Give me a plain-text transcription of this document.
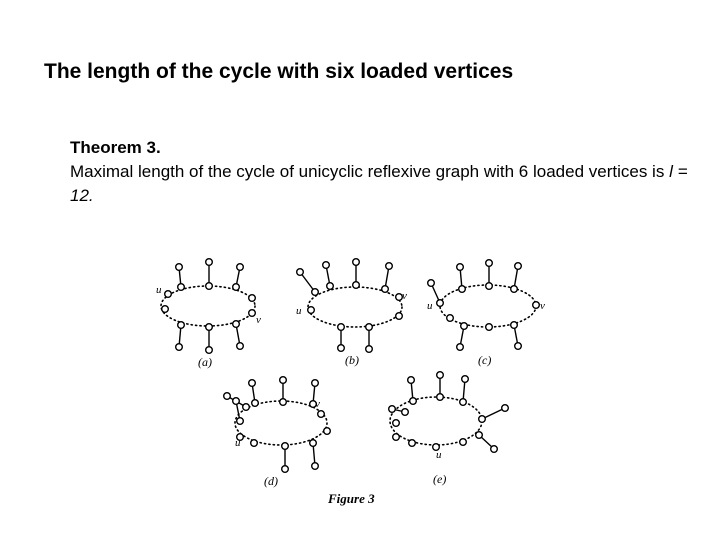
The length of the cycle with six loaded vertices
Theorem 3.
Maximal length of the cycle of unicyclic reflexive graph with 6 loaded vertices is l = 12.
u
v
u
v
u	v
u
v
u
(a)	(b)	(c)
(d)	(e)
Figure 3
